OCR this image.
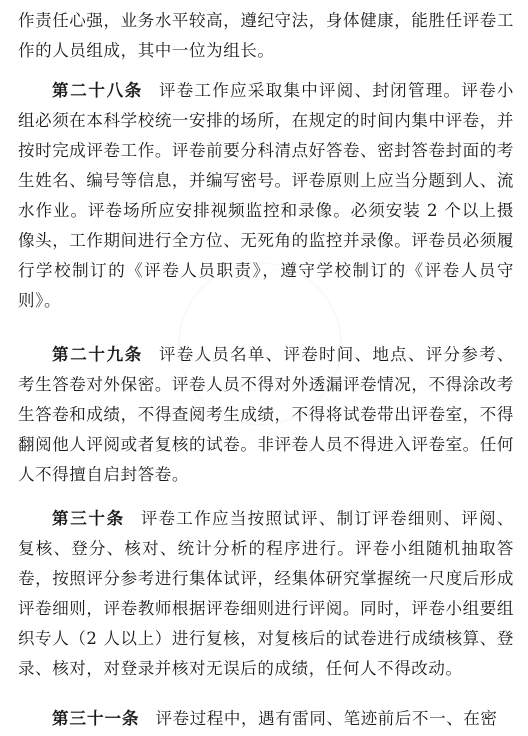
作责任心强，业务水平较高，遵纪守法，身体健康，能胜任评卷工作的人员组成，其中一位为组长。

第二十八条 评卷工作应采取集中评阅、封闭管理。评卷小组必须在本科学校统一安排的场所，在规定的时间内集中评卷，并按时完成评卷工作。评卷前要分科清点好答卷、密封答卷封面的考生姓名、编号等信息，并编写密号。评卷原则上应当分题到人、流水作业。评卷场所应安排视频监控和录像。必须安装 2 个以上摄像头，工作期间进行全方位、无死角的监控并录像。评卷员必须履行学校制订的《评卷人员职责》，遵守学校制订的《评卷人员守则》。

第二十九条 评卷人员名单、评卷时间、地点、评分参考、考生答卷对外保密。评卷人员不得对外透漏评卷情况，不得涂改考生答卷和成绩，不得查阅考生成绩，不得将试卷带出评卷室，不得翻阅他人评阅或者复核的试卷。非评卷人员不得进入评卷室。任何人不得擅自启封答卷。

第三十条 评卷工作应当按照试评、制订评卷细则、评阅、复核、登分、核对、统计分析的程序进行。评卷小组随机抽取答卷，按照评分参考进行集体试评，经集体研究掌握统一尺度后形成评卷细则，评卷教师根据评卷细则进行评阅。同时，评卷小组要组织专人（2 人以上）进行复核，对复核后的试卷进行成绩核算、登录、核对，对登录并核对无误后的成绩，任何人不得改动。

第三十一条 评卷过程中，遇有雷同、笔迹前后不一、在密
